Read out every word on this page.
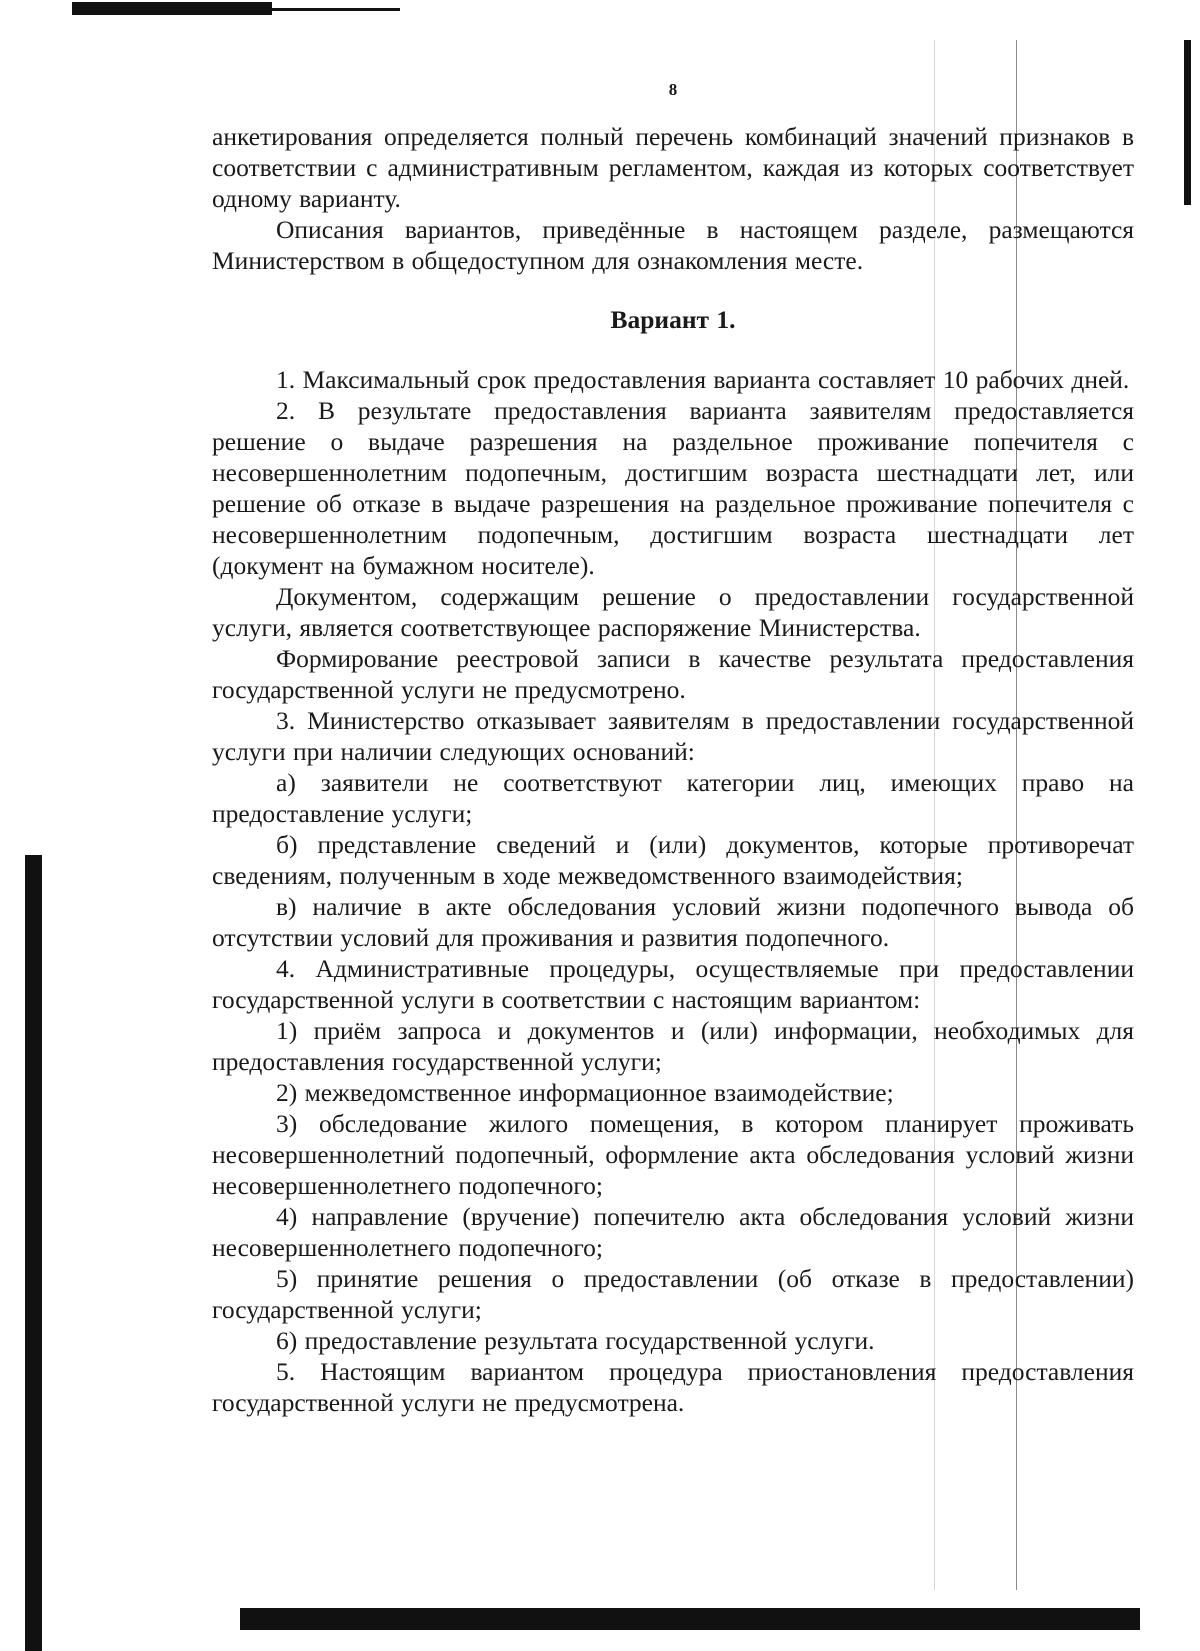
8

анкетирования определяется полный перечень комбинаций значений признаков в соответствии с административным регламентом, каждая из которых соответствует одному варианту.

Описания вариантов, приведённые в настоящем разделе, размещаются Министерством в общедоступном для ознакомления месте.

Вариант 1.

1. Максимальный срок предоставления варианта составляет 10 рабочих дней.

2. В результате предоставления варианта заявителям предоставляется решение о выдаче разрешения на раздельное проживание попечителя с несовершеннолетним подопечным, достигшим возраста шестнадцати лет, или решение об отказе в выдаче разрешения на раздельное проживание попечителя с несовершеннолетним подопечным, достигшим возраста шестнадцати лет (документ на бумажном носителе).

Документом, содержащим решение о предоставлении государственной услуги, является соответствующее распоряжение Министерства.

Формирование реестровой записи в качестве результата предоставления государственной услуги не предусмотрено.

3. Министерство отказывает заявителям в предоставлении государственной услуги при наличии следующих оснований:

а) заявители не соответствуют категории лиц, имеющих право на предоставление услуги;

б) представление сведений и (или) документов, которые противоречат сведениям, полученным в ходе межведомственного взаимодействия;

в) наличие в акте обследования условий жизни подопечного вывода об отсутствии условий для проживания и развития подопечного.

4. Административные процедуры, осуществляемые при предоставлении государственной услуги в соответствии с настоящим вариантом:

1) приём запроса и документов и (или) информации, необходимых для предоставления государственной услуги;

2) межведомственное информационное взаимодействие;

3) обследование жилого помещения, в котором планирует проживать несовершеннолетний подопечный, оформление акта обследования условий жизни несовершеннолетнего подопечного;

4) направление (вручение) попечителю акта обследования условий жизни несовершеннолетнего подопечного;

5) принятие решения о предоставлении (об отказе в предоставлении) государственной услуги;

6) предоставление результата государственной услуги.

5. Настоящим вариантом процедура приостановления предоставления государственной услуги не предусмотрена.
